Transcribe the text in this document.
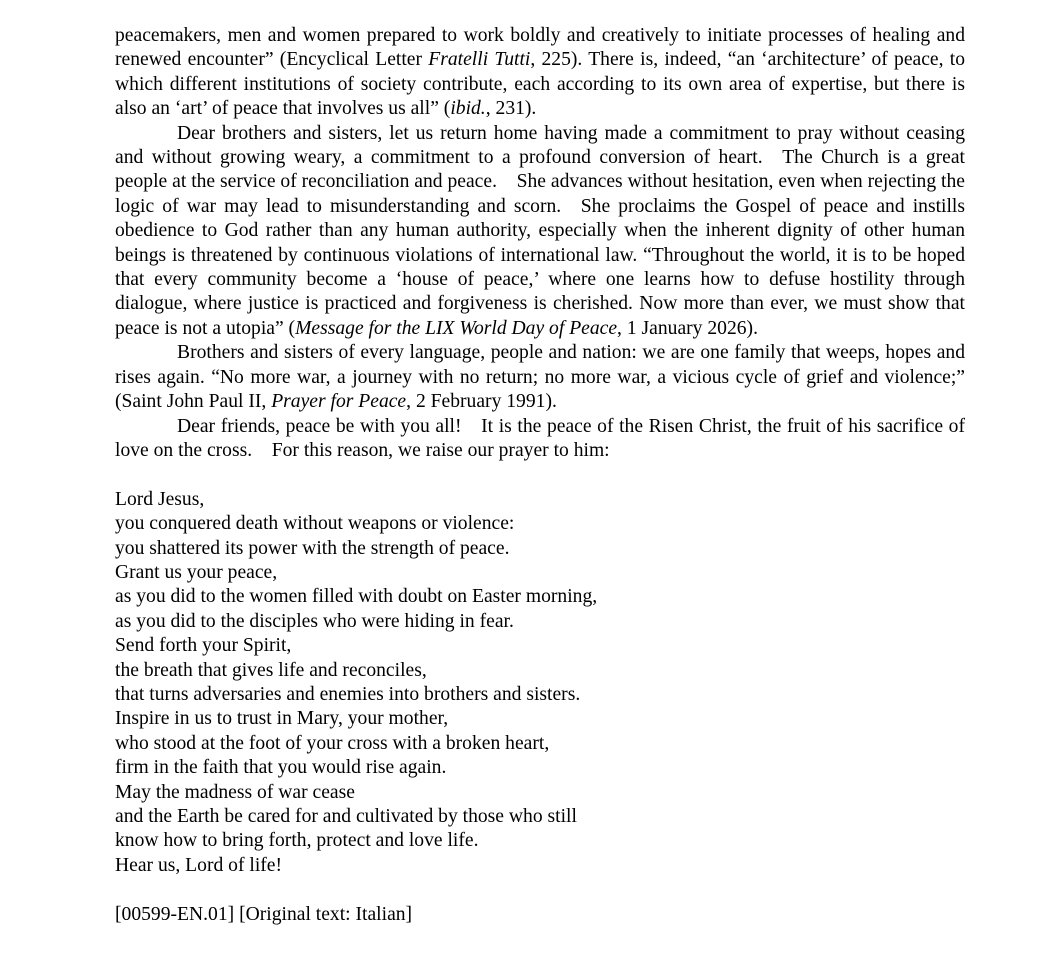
peacemakers, men and women prepared to work boldly and creatively to initiate processes of healing and renewed encounter” (Encyclical Letter Fratelli Tutti, 225). There is, indeed, “an ‘architecture’ of peace, to which different institutions of society contribute, each according to its own area of expertise, but there is also an ‘art’ of peace that involves us all” (ibid., 231).

Dear brothers and sisters, let us return home having made a commitment to pray without ceasing and without growing weary, a commitment to a profound conversion of heart. The Church is a great people at the service of reconciliation and peace. She advances without hesitation, even when rejecting the logic of war may lead to misunderstanding and scorn. She proclaims the Gospel of peace and instills obedience to God rather than any human authority, especially when the inherent dignity of other human beings is threatened by continuous violations of international law. “Throughout the world, it is to be hoped that every community become a ‘house of peace,’ where one learns how to defuse hostility through dialogue, where justice is practiced and forgiveness is cherished. Now more than ever, we must show that peace is not a utopia” (Message for the LIX World Day of Peace, 1 January 2026).

Brothers and sisters of every language, people and nation: we are one family that weeps, hopes and rises again. “No more war, a journey with no return; no more war, a vicious cycle of grief and violence;” (Saint John Paul II, Prayer for Peace, 2 February 1991).

Dear friends, peace be with you all! It is the peace of the Risen Christ, the fruit of his sacrifice of love on the cross. For this reason, we raise our prayer to him:

Lord Jesus,

you conquered death without weapons or violence:

you shattered its power with the strength of peace.

Grant us your peace,

as you did to the women filled with doubt on Easter morning,

as you did to the disciples who were hiding in fear.

Send forth your Spirit,

the breath that gives life and reconciles,

that turns adversaries and enemies into brothers and sisters.

Inspire in us to trust in Mary, your mother,

who stood at the foot of your cross with a broken heart,

firm in the faith that you would rise again.

May the madness of war cease

and the Earth be cared for and cultivated by those who still

know how to bring forth, protect and love life.

Hear us, Lord of life!

[00599-EN.01] [Original text: Italian]
